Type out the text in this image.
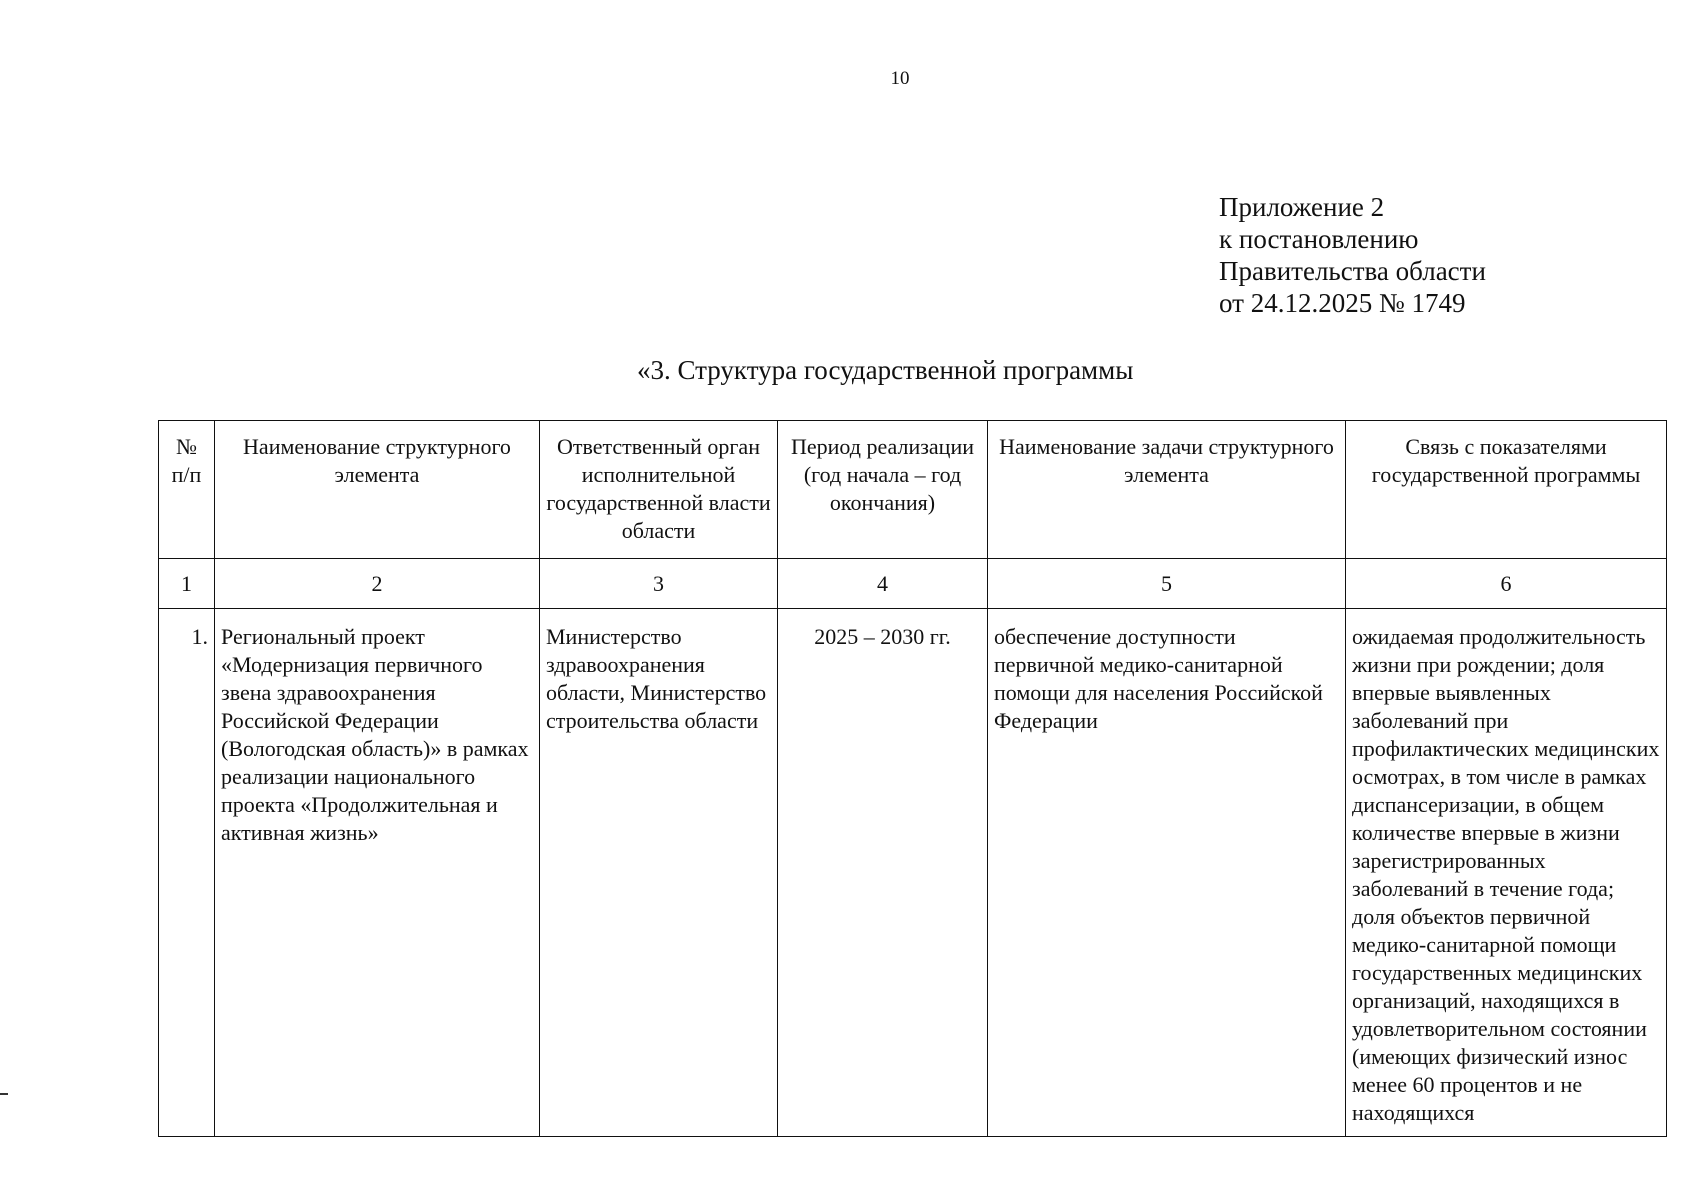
10
Приложение 2
к постановлению
Правительства области
от 24.12.2025 № 1749
«3. Структура государственной программы
№ п/п	Наименование структурного элемента	Ответственный орган исполнительной государственной власти области	Период реализации (год начала – год окончания)	Наименование задачи структурного элемента	Связь с показателями государственной программы
1	2	3	4	5	6
1.	Региональный проект «Модернизация первичного звена здравоохранения Российской Федерации (Вологодская область)» в рамках реализации национального проекта «Продолжительная и активная жизнь»	Министерство здравоохранения области, Министерство строительства области	2025 – 2030 гг.	обеспечение доступности первичной медико-санитарной помощи для населения Российской Федерации	ожидаемая продолжительность жизни при рождении; доля впервые выявленных заболеваний при профилактических медицинских осмотрах, в том числе в рамках диспансеризации, в общем количестве впервые в жизни зарегистрированных заболеваний в течение года; доля объектов первичной медико-санитарной помощи государственных медицинских организаций, находящихся в удовлетворительном состоянии (имеющих физический износ менее 60 процентов и не находящихся
